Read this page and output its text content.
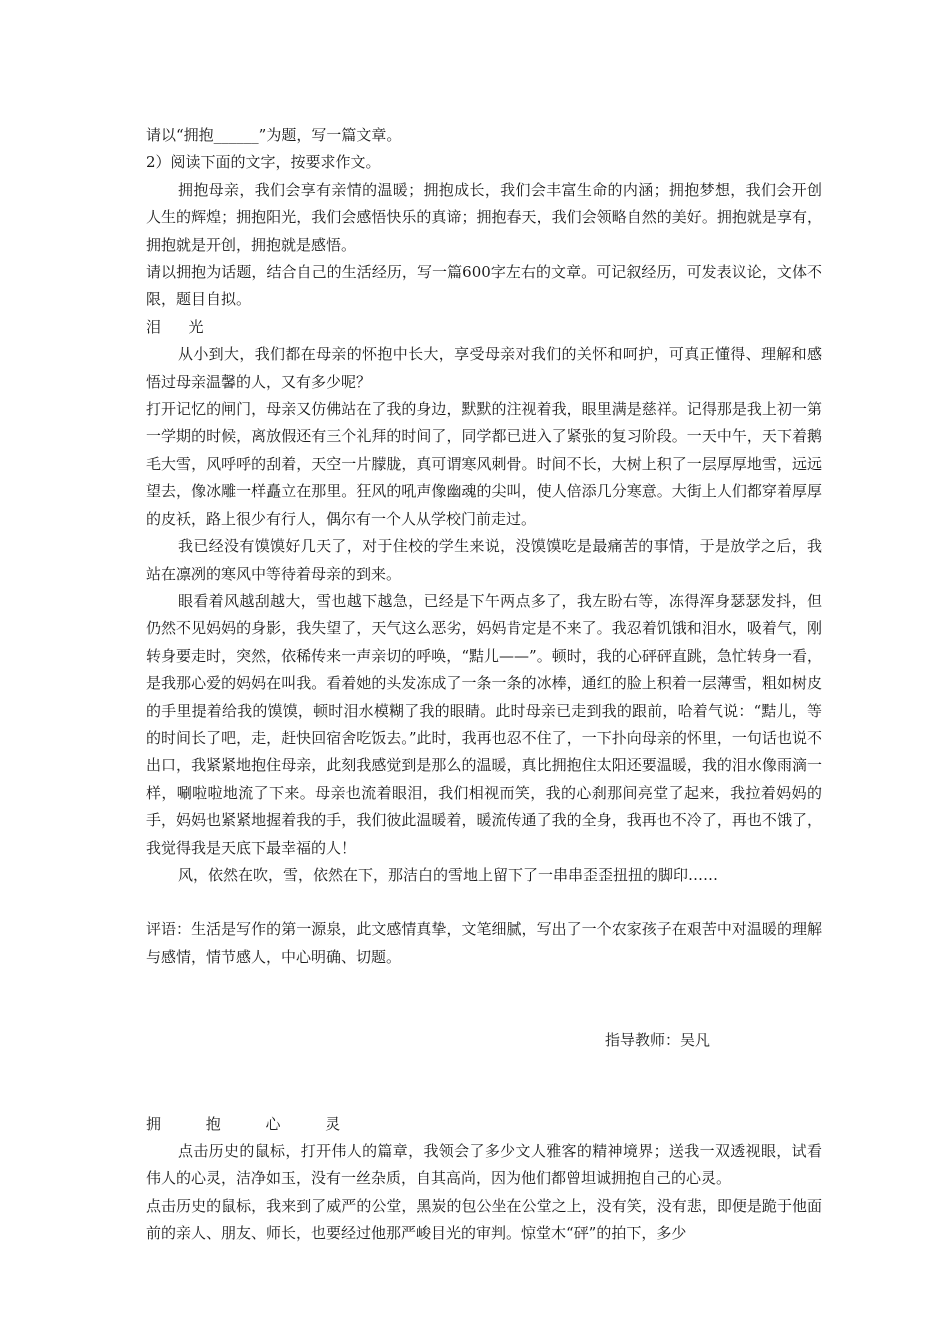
请以“拥抱______”为题，写一篇文章。

2）阅读下面的文字，按要求作文。

拥抱母亲，我们会享有亲情的温暖；拥抱成长，我们会丰富生命的内涵；拥抱梦想，我们会开创人生的辉煌；拥抱阳光，我们会感悟快乐的真谛；拥抱春天，我们会领略自然的美好。拥抱就是享有，拥抱就是开创，拥抱就是感悟。

请以拥抱为话题，结合自己的生活经历，写一篇600字左右的文章。可记叙经历，可发表议论，文体不限，题目自拟。

泪  光

从小到大，我们都在母亲的怀抱中长大，享受母亲对我们的关怀和呵护，可真正懂得、理解和感悟过母亲温馨的人，又有多少呢？

打开记忆的闸门，母亲又仿佛站在了我的身边，默默的注视着我，眼里满是慈祥。记得那是我上初一第一学期的时候，离放假还有三个礼拜的时间了，同学都已进入了紧张的复习阶段。一天中午，天下着鹅毛大雪，风呼呼的刮着，天空一片朦胧，真可谓寒风刺骨。时间不长，大树上积了一层厚厚地雪，远远望去，像冰雕一样矗立在那里。狂风的吼声像幽魂的尖叫，使人倍添几分寒意。大街上人们都穿着厚厚的皮袄，路上很少有行人，偶尔有一个人从学校门前走过。

我已经没有馍馍好几天了，对于住校的学生来说，没馍馍吃是最痛苦的事情，于是放学之后，我站在凛冽的寒风中等待着母亲的到来。

眼看着风越刮越大，雪也越下越急，已经是下午两点多了，我左盼右等，冻得浑身瑟瑟发抖，但仍然不见妈妈的身影，我失望了，天气这么恶劣，妈妈肯定是不来了。我忍着饥饿和泪水，吸着气，刚转身要走时，突然，依稀传来一声亲切的呼唤，“黠儿——”。顿时，我的心砰砰直跳，急忙转身一看，是我那心爱的妈妈在叫我。看着她的头发冻成了一条一条的冰棒，通红的脸上积着一层薄雪，粗如树皮的手里提着给我的馍馍，顿时泪水模糊了我的眼睛。此时母亲已走到我的跟前，哈着气说：“黠儿，等的时间长了吧，走，赶快回宿舍吃饭去。”此时，我再也忍不住了，一下扑向母亲的怀里，一句话也说不出口，我紧紧地抱住母亲，此刻我感觉到是那么的温暖，真比拥抱住太阳还要温暖，我的泪水像雨滴一样，唰啦啦地流了下来。母亲也流着眼泪，我们相视而笑，我的心刹那间亮堂了起来，我拉着妈妈的手，妈妈也紧紧地握着我的手，我们彼此温暖着，暖流传通了我的全身，我再也不冷了，再也不饿了，我觉得我是天底下最幸福的人！

风，依然在吹，雪，依然在下，那洁白的雪地上留下了一串串歪歪扭扭的脚印……

评语：生活是写作的第一源泉，此文感情真挚，文笔细腻，写出了一个农家孩子在艰苦中对温暖的理解与感情，情节感人，中心明确、切题。

指导教师：吴凡

拥 抱 心 灵

点击历史的鼠标，打开伟人的篇章，我领会了多少文人雅客的精神境界；送我一双透视眼，试看伟人的心灵，洁净如玉，没有一丝杂质，自其高尚，因为他们都曾坦诚拥抱自己的心灵。

点击历史的鼠标，我来到了威严的公堂，黑炭的包公坐在公堂之上，没有笑，没有悲，即便是跪于他面前的亲人、朋友、师长，也要经过他那严峻目光的审判。惊堂木“砰”的拍下，多少
